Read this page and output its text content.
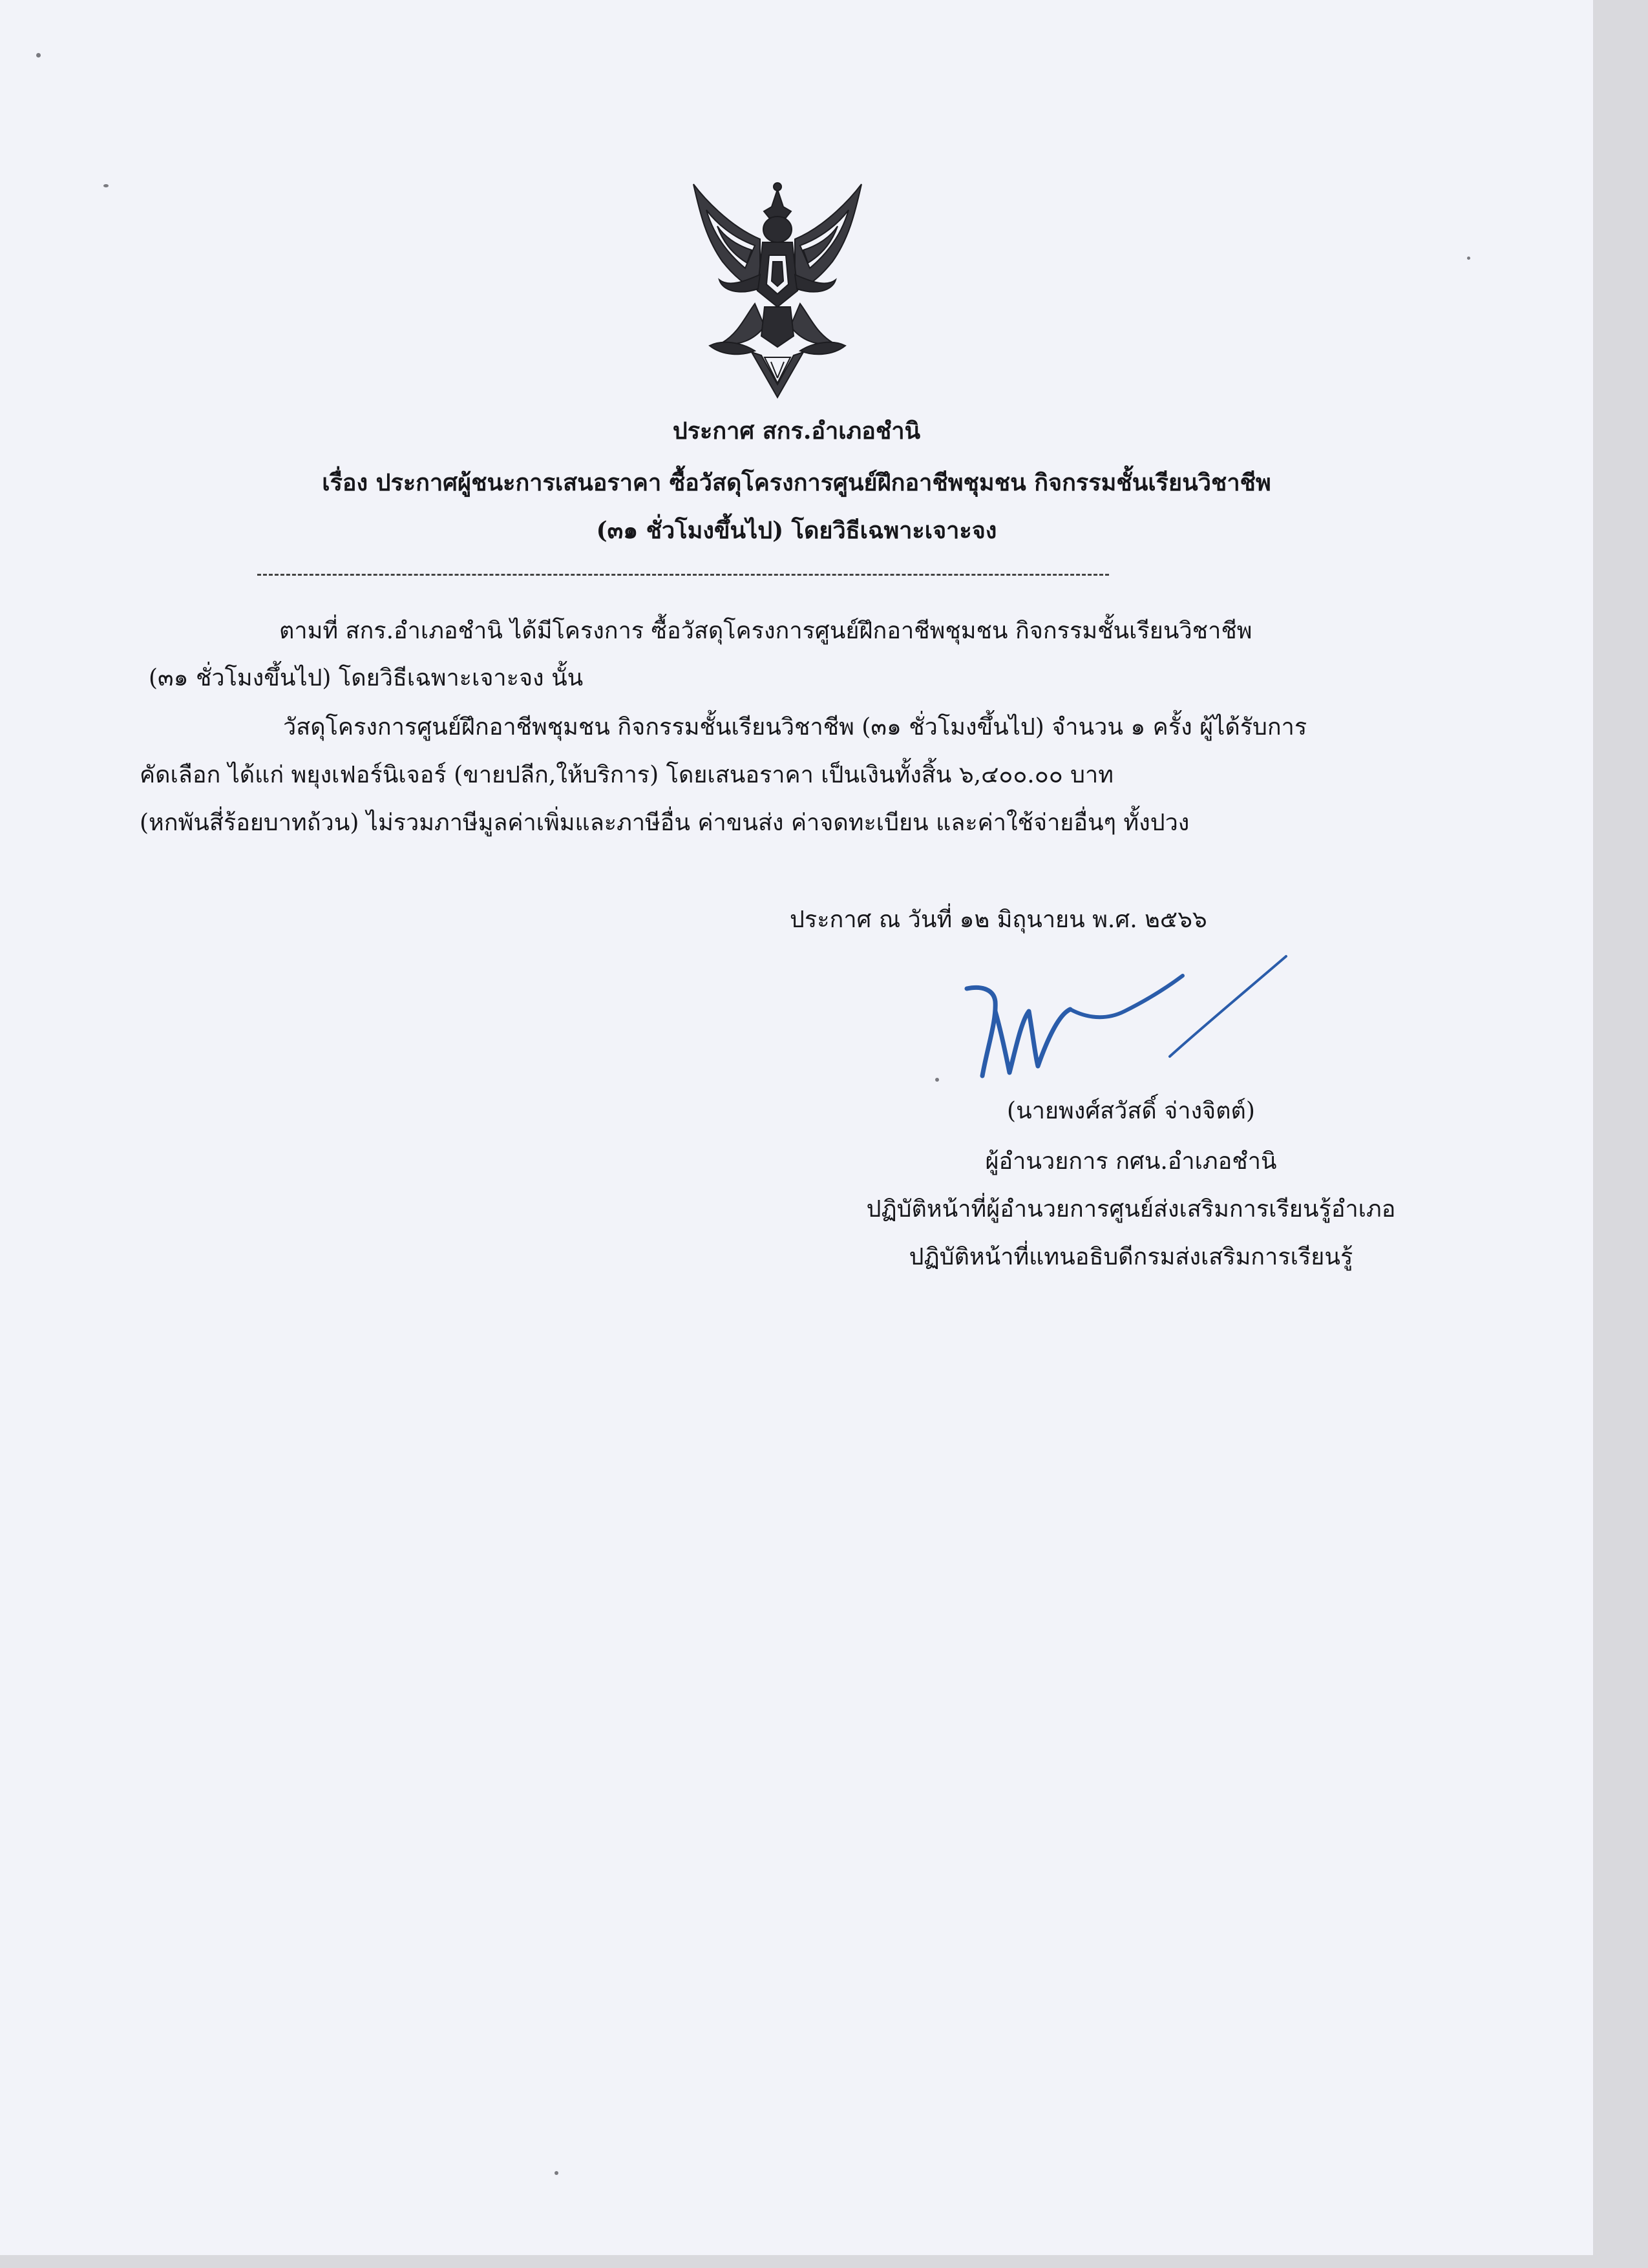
ประกาศ สกร.อำเภอชำนิ
เรื่อง ประกาศผู้ชนะการเสนอราคา ซื้อวัสดุโครงการศูนย์ฝึกอาชีพชุมชน กิจกรรมชั้นเรียนวิชาชีพ
(๓๑ ชั่วโมงขึ้นไป) โดยวิธีเฉพาะเจาะจง
ตามที่ สกร.อำเภอชำนิ ได้มีโครงการ ซื้อวัสดุโครงการศูนย์ฝึกอาชีพชุมชน กิจกรรมชั้นเรียนวิชาชีพ
(๓๑ ชั่วโมงขึ้นไป) โดยวิธีเฉพาะเจาะจง นั้น
วัสดุโครงการศูนย์ฝึกอาชีพชุมชน กิจกรรมชั้นเรียนวิชาชีพ (๓๑ ชั่วโมงขึ้นไป) จำนวน ๑ ครั้ง ผู้ได้รับการ
คัดเลือก ได้แก่ พยุงเฟอร์นิเจอร์ (ขายปลีก,ให้บริการ) โดยเสนอราคา เป็นเงินทั้งสิ้น ๖,๔๐๐.๐๐ บาท
(หกพันสี่ร้อยบาทถ้วน) ไม่รวมภาษีมูลค่าเพิ่มและภาษีอื่น ค่าขนส่ง ค่าจดทะเบียน และค่าใช้จ่ายอื่นๆ ทั้งปวง
ประกาศ ณ วันที่ ๑๒ มิถุนายน พ.ศ. ๒๕๖๖
(นายพงศ์สวัสดิ์ จ่างจิตต์)
ผู้อำนวยการ กศน.อำเภอชำนิ
ปฏิบัติหน้าที่ผู้อำนวยการศูนย์ส่งเสริมการเรียนรู้อำเภอ
ปฏิบัติหน้าที่แทนอธิบดีกรมส่งเสริมการเรียนรู้
